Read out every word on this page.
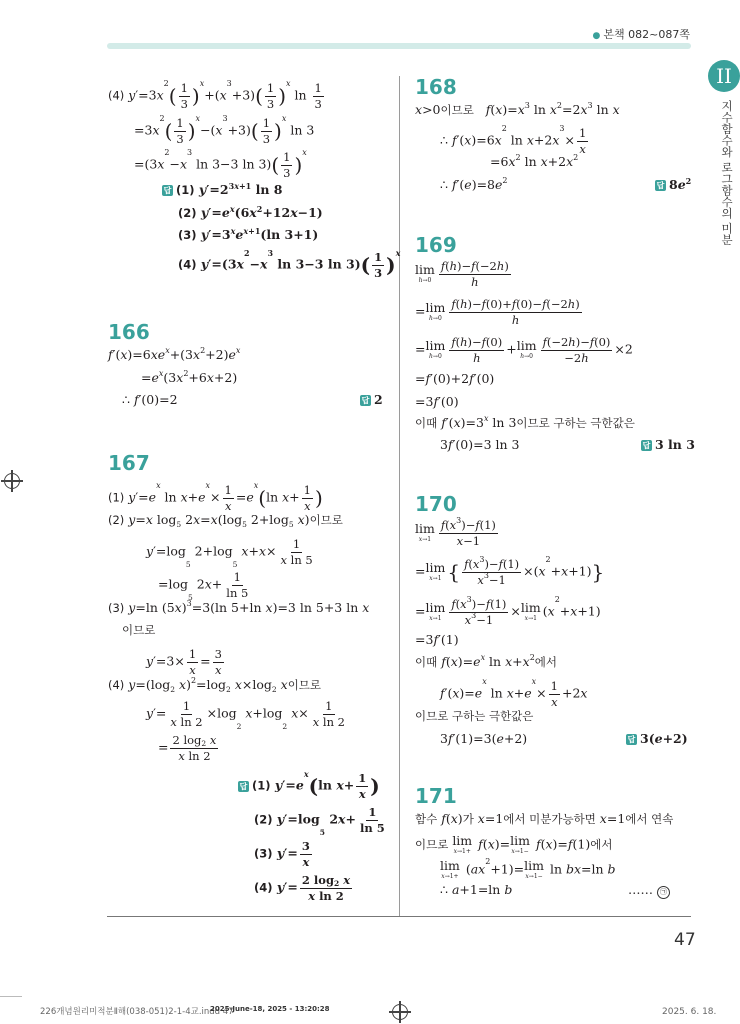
● 본책 082~087쪽
II
지수함수와 로그함수의 미분
(4) $y'=3x^2( \frac{1}{3} )^x+(x^3+3)( \frac{1}{3} )^x$ $\ln \frac{1}{3}$
$=3x^2( \frac{1}{3} )^x-(x^3+3)( \frac{1}{3} )^x$ ln 3
$=(3x^2-x^3$ ln 3−3 $\ln 3)( \frac{1}{3} )^x$
답 (1) $y'=2^{3x+1}$ ln 8
(2) $y'=e^x(6x^2+12x-1)$
(3) $y'=3^xe^{x+1}(\ln$ 3+1)
(4) $y'=(3x^2-x^3$ ln 3−3 $\ln 3)( \frac{1}{3} )^x$
166
$f'(x)=6xe^x+(3x^2+2)e^x$
$=e^x(3x^2+6x+2)$
∴ f′(0)=2	답 2
167
(1) $y'=e^x$ $\ln x+e^x\times \frac{1}{x} =e^x(\ln$ $x+ \frac{1}{x}$ )
(2) y=x log5 2x=x(log5 2+log5 x)이므로
y′=log5 2+log5 $x+x\times \frac{1}{\text{x ln 5}}$
=log5 $2x+ \frac{1}{\ln 5}$
(3) y=ln $(5x)^3=3(\ln$ 5+ln x)=3 ln 5+3 ln x
이므로
$y'=3\times \frac{1}{x} = \frac{3}{x}$
(4) y=(log2 x)$^2$=log2 x×log2 x이므로
$y'= \frac{1}{\text{x ln 2}} \times\log 2$ x+log2 $x\times \frac{1}{\text{x ln 2}}$
= $\frac{2 \log 2 x}{\text{x ln 2}}$
답 (1) $y'=e^x(\ln$ $x+ \frac{1}{x}$ )
(2) y′=log5 $2x+ \frac{1}{\ln 5}$
(3) $y'= \frac{3}{x}$
(4) $y'= \frac{2 \log 2 x}{\text{x ln 2}}$
168
x>0이므로 $f(x)=x^3$ $\ln x^2=2x^3$ ln x
∴ $f'(x)=6x^2$ $\ln x+2x^3\times \frac{1}{x}$
$=6x^2$ $\ln x+2x^2$
∴ $f'(e)=8e^2$
답 $8e^2$
169
lim
$h\to 0 \frac{f(h)-f(-2h)}{h}$
=lim
$h\to 0 \frac{f(h)-f(0)+f(0)-f(-2h)}{h}$
=lim
$h\to 0 \frac{f(h)-f(0)}{h} +\lim$
$h\to 0 \frac{f(-2h)-f(0)}{-2h} \times 2$
=f′(0)+2f′(0)
=3f′(0)
이때 $f'(x)=3^x$ ln 3이므로 구하는 극한값은
3f′(0)=3 ln 3	답 3 ln 3
170
lim
$x\to 1 \frac{f(x^3)-f(1)}{x-1}$
=lim
x→1 { $\frac{f(x^3)-f(1)}{x^3-1} \times(x^2+x+1)$}
=lim
$x\to 1 \frac{f(x^3)-f(1)}{x^3-1} \times\lim$
x→1 $(x^2+x+1)$
=3f′(1)
이때 $f(x)=e^x$ $\ln x+x^2$에서
$f'(x)=e^x$ $\ln x+e^x\times \frac{1}{x} +2x$
이므로 구하는 극한값은
3f′(1)=3(e+2)	답 3(e+2)
171
함수 f(x)가 x=1에서 미분가능하면 x=1에서 연속
이므로 lim
x→1+ f(x)=lim
x→1− f(x)=f(1)에서
lim
$x\to 1+ (ax^2+1)=\lim$
x→1− ln bx=ln b
∴ a+1=ln b	…… ㉠
47
226개념원리미적분Ⅱ해(038-051)2-1-4교.indd 47
2025-June-18, 2025 - 13:20:28	2025. 6. 18.
